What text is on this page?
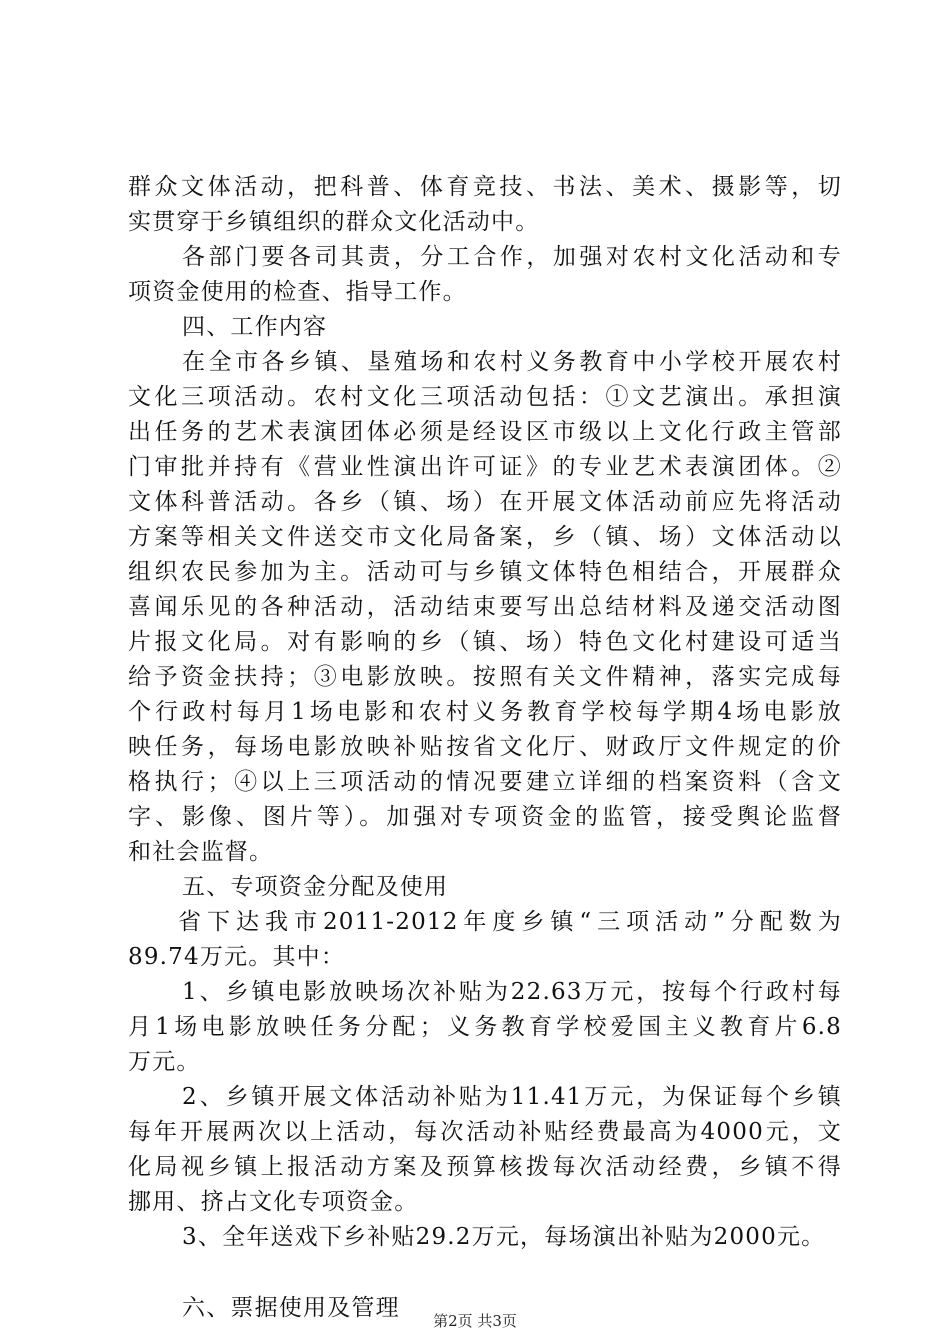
群众文体活动，把科普、体育竞技、书法、美术、摄影等，切
实贯穿于乡镇组织的群众文化活动中。
各部门要各司其责，分工合作，加强对农村文化活动和专
项资金使用的检查、指导工作。
四、工作内容
在全市各乡镇、垦殖场和农村义务教育中小学校开展农村
文化三项活动。农村文化三项活动包括：①文艺演出。承担演
出任务的艺术表演团体必须是经设区市级以上文化行政主管部
门审批并持有《营业性演出许可证》的专业艺术表演团体。②
文体科普活动。各乡（镇、场）在开展文体活动前应先将活动
方案等相关文件送交市文化局备案，乡（镇、场）文体活动以
组织农民参加为主。活动可与乡镇文体特色相结合，开展群众
喜闻乐见的各种活动，活动结束要写出总结材料及递交活动图
片报文化局。对有影响的乡（镇、场）特色文化村建设可适当
给予资金扶持；③电影放映。按照有关文件精神，落实完成每
个行政村每月1场电影和农村义务教育学校每学期4场电影放
映任务，每场电影放映补贴按省文化厅、财政厅文件规定的价
格执行；④以上三项活动的情况要建立详细的档案资料（含文
字、影像、图片等）。加强对专项资金的监管，接受舆论监督
和社会监督。
五、专项资金分配及使用
省下达我市2011-2012年度乡镇“三项活动”分配数为
89.74万元。其中：
1、乡镇电影放映场次补贴为22.63万元，按每个行政村每
月1场电影放映任务分配；义务教育学校爱国主义教育片6.8
万元。
2、乡镇开展文体活动补贴为11.41万元，为保证每个乡镇
每年开展两次以上活动，每次活动补贴经费最高为4000元，文
化局视乡镇上报活动方案及预算核拨每次活动经费，乡镇不得
挪用、挤占文化专项资金。
3、全年送戏下乡补贴29.2万元，每场演出补贴为2000元。
六、票据使用及管理	第2页 共3页
